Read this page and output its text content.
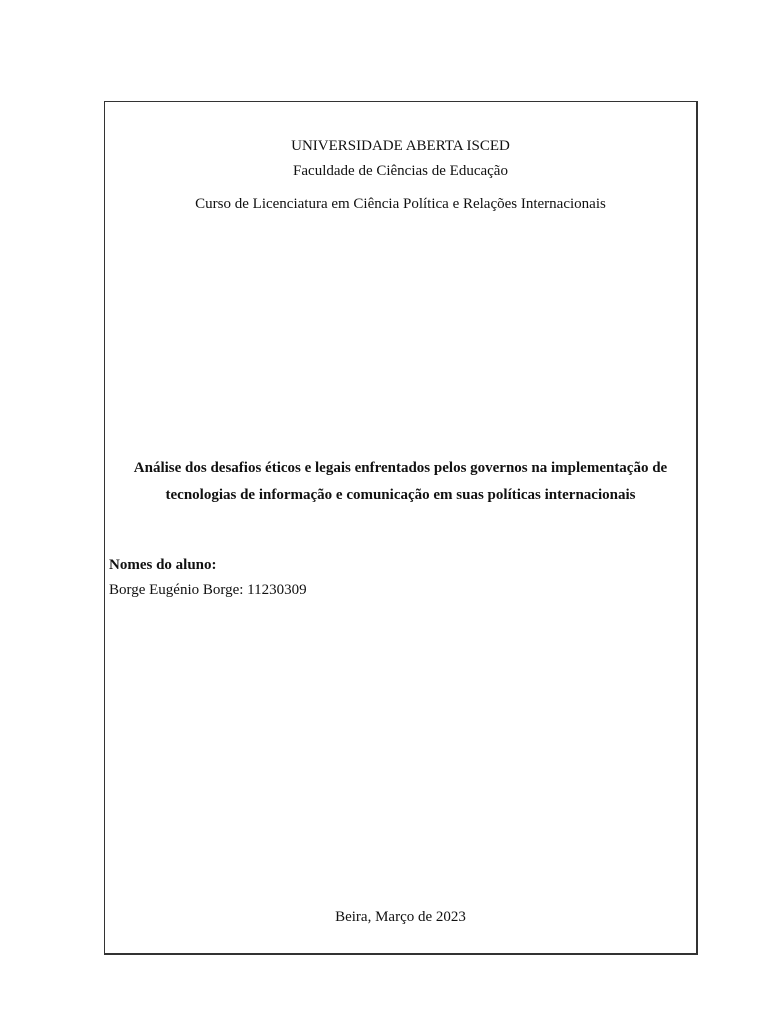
UNIVERSIDADE ABERTA ISCED
Faculdade de Ciências de Educação
Curso de Licenciatura em Ciência Política e Relações Internacionais
Análise dos desafios éticos e legais enfrentados pelos governos na implementação de
tecnologias de informação e comunicação em suas políticas internacionais
Nomes do aluno:
Borge Eugénio Borge: 11230309
Beira, Março de 2023
